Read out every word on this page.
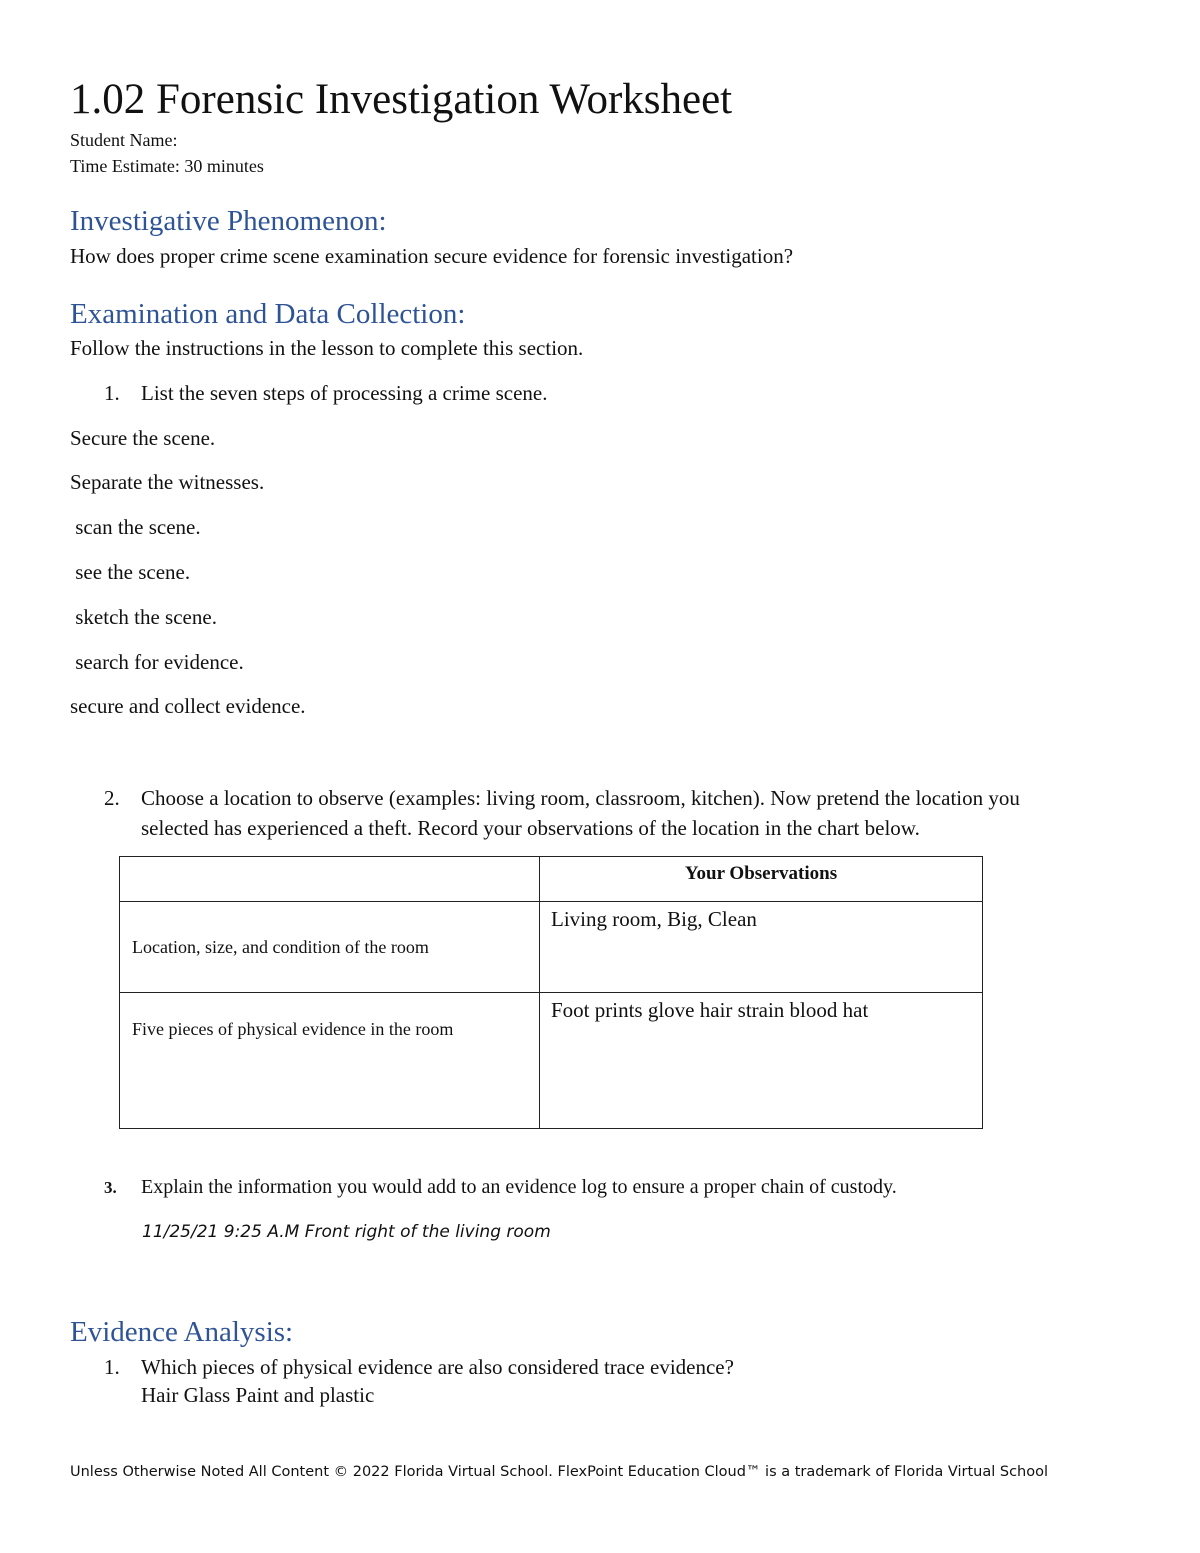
1.02 Forensic Investigation Worksheet
Student Name:
Time Estimate: 30 minutes
Investigative Phenomenon:
How does proper crime scene examination secure evidence for forensic investigation?
Examination and Data Collection:
Follow the instructions in the lesson to complete this section.
1. List the seven steps of processing a crime scene.
Secure the scene.
Separate the witnesses.
scan the scene.
see the scene.
sketch the scene.
search for evidence.
secure and collect evidence.
2. Choose a location to observe (examples: living room, classroom, kitchen). Now pretend the location you
selected has experienced a theft. Record your observations of the location in the chart below.
	Your Observations
Location, size, and condition of the room	Living room, Big, Clean
Five pieces of physical evidence in the room	Foot prints glove hair strain blood hat
3. Explain the information you would add to an evidence log to ensure a proper chain of custody.
11/25/21 9:25 A.M Front right of the living room
Evidence Analysis:
1. Which pieces of physical evidence are also considered trace evidence?
Hair Glass Paint and plastic
Unless Otherwise Noted All Content © 2022 Florida Virtual School. FlexPoint Education Cloud™ is a trademark of Florida Virtual School
